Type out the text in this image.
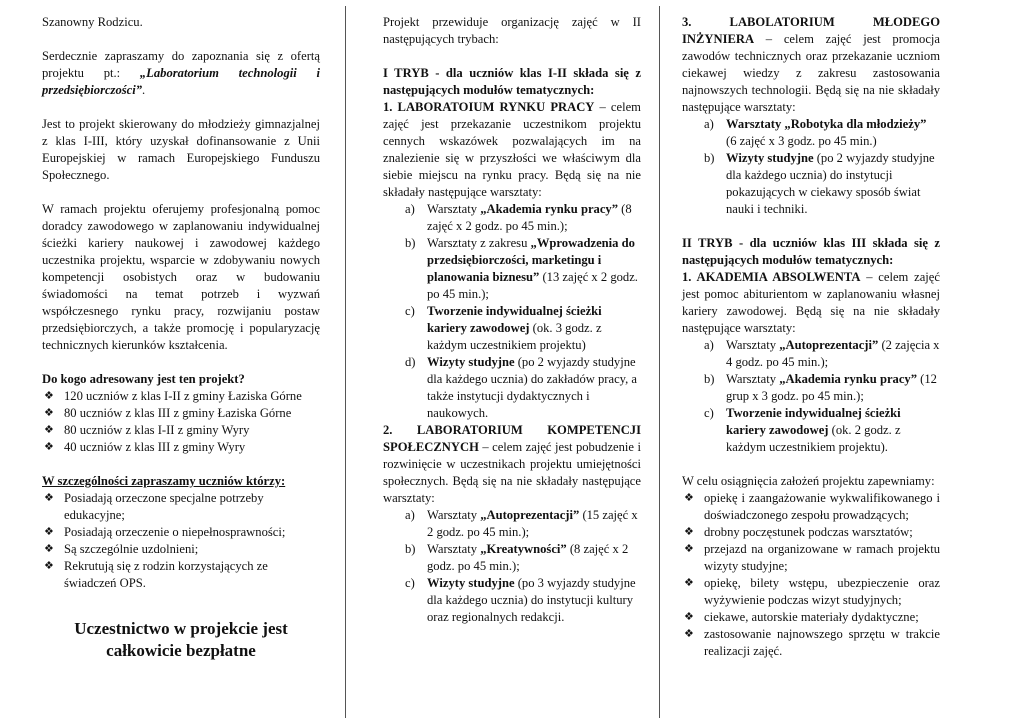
Szanowny Rodzicu.

Serdecznie zapraszamy do zapoznania się z ofertą projektu pt.: „Laboratorium technologii i przedsiębiorczości”.

Jest to projekt skierowany do młodzieży gimnazjalnej z klas I-III, który uzyskał dofinansowanie z Unii Europejskiej w ramach Europejskiego Funduszu Społecznego.

W ramach projektu oferujemy profesjonalną pomoc doradcy zawodowego w zaplanowaniu indywidualnej ścieżki kariery naukowej i zawodowej każdego uczestnika projektu, wsparcie w zdobywaniu nowych kompetencji osobistych oraz w budowaniu świadomości na temat potrzeb i wyzwań współczesnego rynku pracy, rozwijaniu postaw przedsiębiorczych, a także promocję i popularyzację technicznych kierunków kształcenia.

Do kogo adresowany jest ten projekt?

❖ 120 uczniów z klas I-II z gminy Łaziska Górne
❖ 80 uczniów z klas III z gminy Łaziska Górne
❖ 80 uczniów z klas I-II z gminy Wyry
❖ 40 uczniów z klas III z gminy Wyry

W szczególności zapraszamy uczniów którzy:

❖ Posiadają orzeczone specjalne potrzeby edukacyjne;
❖ Posiadają orzeczenie o niepełnosprawności;
❖ Są szczególnie uzdolnieni;
❖ Rekrutują się z rodzin korzystających ze świadczeń OPS.
Uczestnictwo w projekcie jest
całkowicie bezpłatne

Projekt przewiduje organizację zajęć w II następujących trybach:

I TRYB - dla uczniów klas I-II składa się z następujących modułów tematycznych:

1. LABORATOIUM RYNKU PRACY – celem zajęć jest przekazanie uczestnikom projektu cennych wskazówek pozwalających im na znalezienie się w przyszłości we właściwym dla siebie miejscu na rynku pracy. Będą się na nie składały następujące warsztaty:

a) Warsztaty „Akademia rynku pracy” (8 zajęć x 2 godz. po 45 min.);
b) Warsztaty z zakresu „Wprowadzenia do przedsiębiorczości, marketingu i planowania biznesu” (13 zajęć x 2 godz. po 45 min.);
c) Tworzenie indywidualnej ścieżki kariery zawodowej (ok. 3 godz. z każdym uczestnikiem projektu)
d) Wizyty studyjne (po 2 wyjazdy studyjne dla każdego ucznia) do zakładów pracy, a także instytucji dydaktycznych i naukowych.

2. LABORATORIUM KOMPETENCJI SPOŁECZNYCH – celem zajęć jest pobudzenie i rozwinięcie w uczestnikach projektu umiejętności społecznych. Będą się na nie składały następujące warsztaty:

a) Warsztaty „Autoprezentacji” (15 zajęć x 2 godz. po 45 min.);
b) Warsztaty „Kreatywności” (8 zajęć x 2 godz. po 45 min.);
c) Wizyty studyjne (po 3 wyjazdy studyjne dla każdego ucznia) do instytucji kultury oraz regionalnych redakcji.

3. LABOLATORIUM MŁODEGO INŻYNIERA – celem zajęć jest promocja zawodów technicznych oraz przekazanie uczniom ciekawej wiedzy z zakresu zastosowania najnowszych technologii. Będą się na nie składały następujące warsztaty:

a) Warsztaty „Robotyka dla młodzieży” (6 zajęć x 3 godz. po 45 min.)
b) Wizyty studyjne (po 2 wyjazdy studyjne dla każdego ucznia) do instytucji pokazujących w ciekawy sposób świat nauki i techniki.

II TRYB - dla uczniów klas III składa się z następujących modułów tematycznych:

1. AKADEMIA ABSOLWENTA – celem zajęć jest pomoc abiturientom w zaplanowaniu własnej kariery zawodowej. Będą się na nie składały następujące warsztaty:

a) Warsztaty „Autoprezentacji” (2 zajęcia x 4 godz. po 45 min.);
b) Warsztaty „Akademia rynku pracy” (12 grup x 3 godz. po 45 min.);
c) Tworzenie indywidualnej ścieżki kariery zawodowej (ok. 2 godz. z każdym uczestnikiem projektu).

W celu osiągnięcia założeń projektu zapewniamy:

❖ opiekę i zaangażowanie wykwalifikowanego i doświadczonego zespołu prowadzących;
❖ drobny poczęstunek podczas warsztatów;
❖ przejazd na organizowane w ramach projektu wizyty studyjne;
❖ opiekę, bilety wstępu, ubezpieczenie oraz wyżywienie podczas wizyt studyjnych;
❖ ciekawe, autorskie materiały dydaktyczne;
❖ zastosowanie najnowszego sprzętu w trakcie realizacji zajęć.
